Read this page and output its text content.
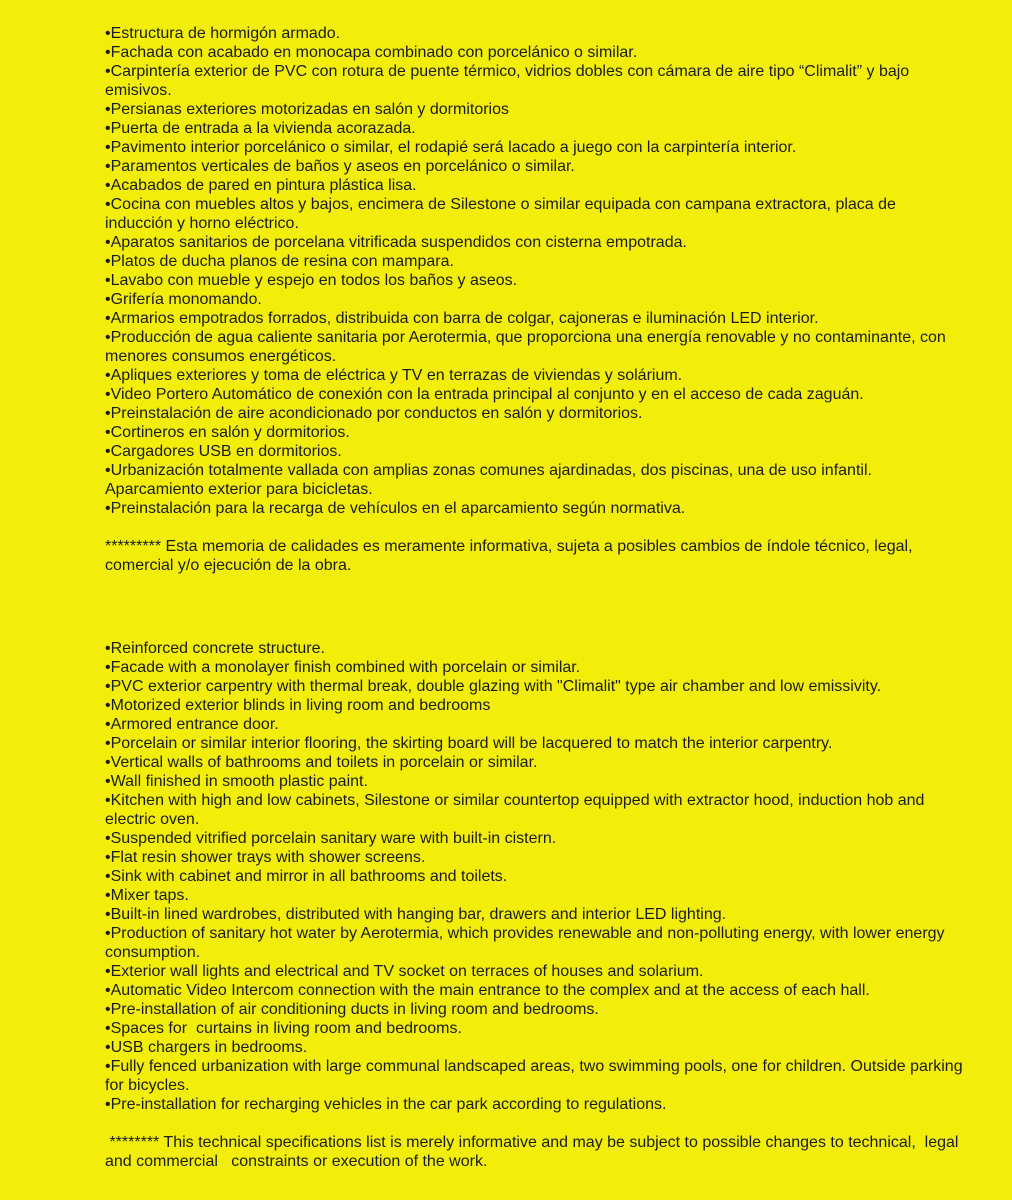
•Estructura de hormigón armado.
•Fachada con acabado en monocapa combinado con porcelánico o similar.
•Carpintería exterior de PVC con rotura de puente térmico, vidrios dobles con cámara de aire tipo “Climalit” y bajo emisivos.
•Persianas exteriores motorizadas en salón y dormitorios
•Puerta de entrada a la vivienda acorazada.
•Pavimento interior porcelánico o similar, el rodapié será lacado a juego con la carpintería interior.
•Paramentos verticales de baños y aseos en porcelánico o similar.
•Acabados de pared en pintura plástica lisa.
•Cocina con muebles altos y bajos, encimera de Silestone o similar equipada con campana extractora, placa de inducción y horno eléctrico.
•Aparatos sanitarios de porcelana vitrificada suspendidos con cisterna empotrada.
•Platos de ducha planos de resina con mampara.
•Lavabo con mueble y espejo en todos los baños y aseos.
•Grifería monomando.
•Armarios empotrados forrados, distribuida con barra de colgar, cajoneras e iluminación LED interior.
•Producción de agua caliente sanitaria por Aerotermia, que proporciona una energía renovable y no contaminante, con menores consumos energéticos.
•Apliques exteriores y toma de eléctrica y TV en terrazas de viviendas y solárium.
•Video Portero Automático de conexión con la entrada principal al conjunto y en el acceso de cada zaguán.
•Preinstalación de aire acondicionado por conductos en salón y dormitorios.
•Cortineros en salón y dormitorios.
•Cargadores USB en dormitorios.
•Urbanización totalmente vallada con amplias zonas comunes ajardinadas, dos piscinas, una de uso infantil. Aparcamiento exterior para bicicletas.
•Preinstalación para la recarga de vehículos en el aparcamiento según normativa.
********* Esta memoria de calidades es meramente informativa, sujeta a posibles cambios de índole técnico, legal, comercial y/o ejecución de la obra.
•Reinforced concrete structure.
•Facade with a monolayer finish combined with porcelain or similar.
•PVC exterior carpentry with thermal break, double glazing with "Climalit" type air chamber and low emissivity.
•Motorized exterior blinds in living room and bedrooms
•Armored entrance door.
•Porcelain or similar interior flooring, the skirting board will be lacquered to match the interior carpentry.
•Vertical walls of bathrooms and toilets in porcelain or similar.
•Wall finished in smooth plastic paint.
•Kitchen with high and low cabinets, Silestone or similar countertop equipped with extractor hood, induction hob and electric oven.
•Suspended vitrified porcelain sanitary ware with built-in cistern.
•Flat resin shower trays with shower screens.
•Sink with cabinet and mirror in all bathrooms and toilets.
•Mixer taps.
•Built-in lined wardrobes, distributed with hanging bar, drawers and interior LED lighting.
•Production of sanitary hot water by Aerotermia, which provides renewable and non-polluting energy, with lower energy consumption.
•Exterior wall lights and electrical and TV socket on terraces of houses and solarium.
•Automatic Video Intercom connection with the main entrance to the complex and at the access of each hall.
•Pre-installation of air conditioning ducts in living room and bedrooms.
•Spaces for  curtains in living room and bedrooms.
•USB chargers in bedrooms.
•Fully fenced urbanization with large communal landscaped areas, two swimming pools, one for children. Outside parking for bicycles.
•Pre-installation for recharging vehicles in the car park according to regulations.
******** This technical specifications list is merely informative and may be subject to possible changes to technical,  legal and commercial   constraints or execution of the work.
